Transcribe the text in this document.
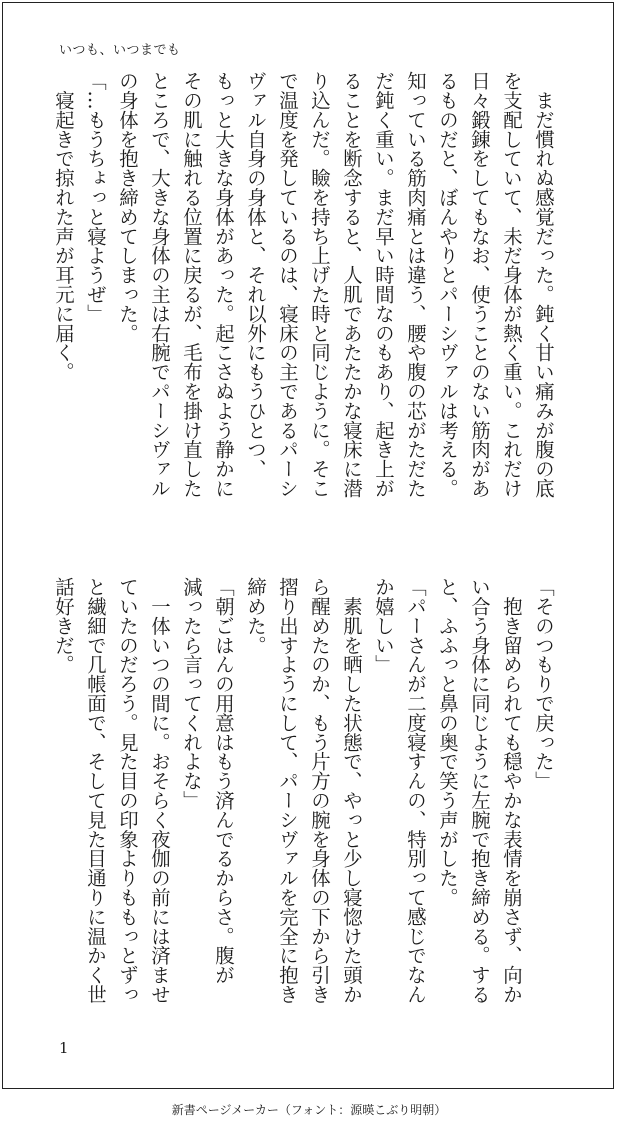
いつも、いつまでも

　まだ慣れぬ感覚だった。鈍く甘い痛みが腹の底

を支配していて、未だ身体が熱く重い。これだけ

日々鍛錬をしてもなお、使うことのない筋肉があ

るものだと、ぼんやりとパーシヴァルは考える。

知っている筋肉痛とは違う、腰や腹の芯がただた

だ鈍く重い。まだ早い時間なのもあり、起き上が

ることを断念すると、人肌であたたかな寝床に潜

り込んだ。瞼を持ち上げた時と同じように。そこ

で温度を発しているのは、寝床の主であるパーシ

ヴァル自身の身体と、それ以外にもうひとつ、

もっと大きな身体があった。起こさぬよう静かに

その肌に触れる位置に戻るが、毛布を掛け直した

ところで、大きな身体の主は右腕でパーシヴァル

の身体を抱き締めてしまった。

「…もうちょっと寝ようぜ」

　寝起きで掠れた声が耳元に届く。

「そのつもりで戻った」

　抱き留められても穏やかな表情を崩さず、向か

い合う身体に同じように左腕で抱き締める。する

と、ふふっと鼻の奥で笑う声がした。

「パーさんが二度寝すんの、特別って感じでなん

か嬉しい」

　素肌を晒した状態で、やっと少し寝惚けた頭か

ら醒めたのか、もう片方の腕を身体の下から引き

摺り出すようにして、パーシヴァルを完全に抱き

締めた。

「朝ごはんの用意はもう済んでるからさ。腹が

減ったら言ってくれよな」

　一体いつの間に。おそらく夜伽の前には済ませ

ていたのだろう。見た目の印象よりももっとずっ

と繊細で几帳面で、そして見た目通りに温かく世

話好きだ。

1
新書ページメーカー（フォント：源暎こぶり明朝）
